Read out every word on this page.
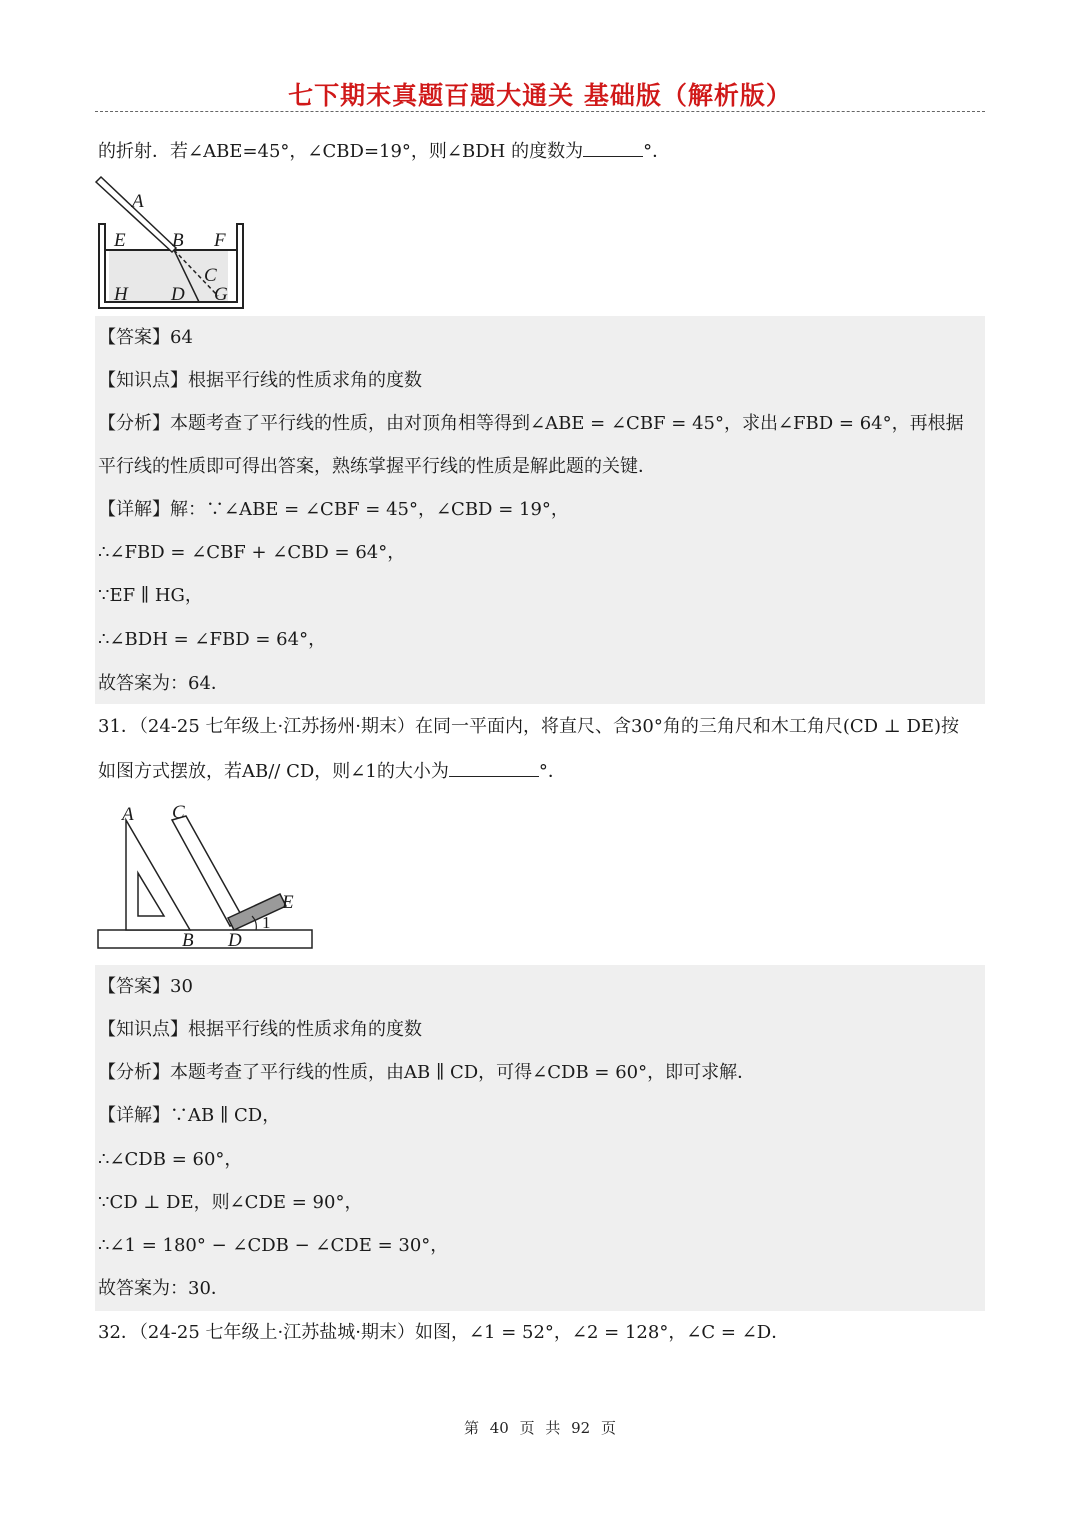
七下期末真题百题大通关 基础版（解析版）
的折射．若∠ABE=45°，∠CBD=19°，则∠BDH 的度数为	°．
A
E B F
C
H D G
【答案】64
【知识点】根据平行线的性质求角的度数
【分析】本题考查了平行线的性质，由对顶角相等得到∠ABE = ∠CBF = 45°，求出∠FBD = 64°，再根据
平行线的性质即可得出答案，熟练掌握平行线的性质是解此题的关键．
【详解】解：∵∠ABE = ∠CBF = 45°，∠CBD = 19°，
∴∠FBD = ∠CBF + ∠CBD = 64°，
∵EF ∥ HG，
∴∠BDH = ∠FBD = 64°，
故答案为：64．
31．（24-25 七年级上·江苏扬州·期末）在同一平面内，将直尺、含30°角的三角尺和木工角尺(CD ⊥ DE)按
如图方式摆放，若AB// CD，则∠1的大小为	°．
A C
E
1
B D
【答案】30
【知识点】根据平行线的性质求角的度数
【分析】本题考查了平行线的性质，由AB ∥ CD，可得∠CDB = 60°，即可求解．
【详解】∵AB ∥ CD，
∴∠CDB = 60°，
∵CD ⊥ DE，则∠CDE = 90°，
∴∠1 = 180° − ∠CDB − ∠CDE = 30°，
故答案为：30．
32．（24-25 七年级上·江苏盐城·期末）如图，∠1 = 52°，∠2 = 128°，∠C = ∠D．
第 40 页 共 92 页
